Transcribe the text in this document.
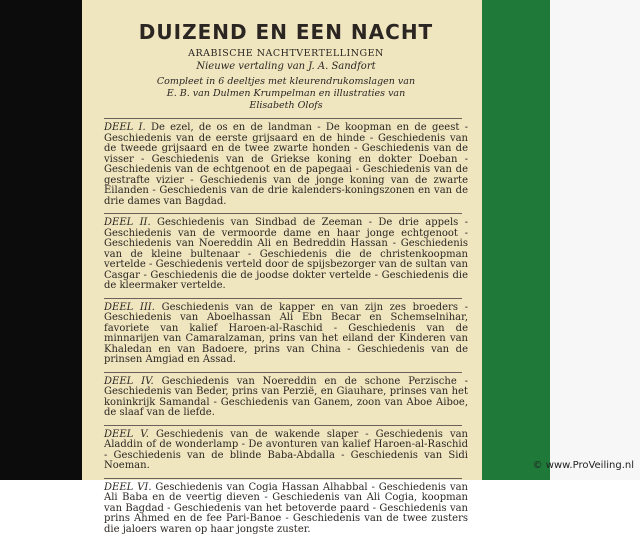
DUIZEND EN EEN NACHT
ARABISCHE NACHTVERTELLINGEN
Nieuwe vertaling van J. A. Sandfort
Compleet in 6 deeltjes met kleurendrukomslagen van
E. B. van Dulmen Krumpelman en illustraties van
Elisabeth Olofs

DEEL I. De ezel, de os en de landman - De koopman en de geest - Geschiedenis van de eerste grijsaard en de hinde - Geschiedenis van de tweede grijsaard en de twee zwarte honden - Geschiedenis van de visser - Geschiedenis van de Griekse koning en dokter Doeban - Geschiedenis van de echtgenoot en de papegaai - Geschiedenis van de gestrafte vizier - Geschiedenis van de jonge koning van de zwarte Eilanden - Geschiedenis van de drie kalenders-koningszonen en van de drie dames van Bagdad.

DEEL II. Geschiedenis van Sindbad de Zeeman - De drie appels - Geschiedenis van de vermoorde dame en haar jonge echtgenoot - Geschiedenis van Noereddin Ali en Bedreddin Hassan - Geschiedenis van de kleine bultenaar - Geschiedenis die de christenkoopman vertelde - Geschiedenis verteld door de spijsbezorger van de sultan van Casgar - Geschiedenis die de joodse dokter vertelde - Geschiedenis die de kleermaker vertelde.

DEEL III. Geschiedenis van de kapper en van zijn zes broeders - Geschiedenis van Aboelhassan Ali Ebn Becar en Schemselnihar, favoriete van kalief Haroen-al-Raschid - Geschiedenis van de minnarijen van Camaralzaman, prins van het eiland der Kinderen van Khaledan en van Badoere, prins van China - Geschiedenis van de prinsen Amgiad en Assad.

DEEL IV. Geschiedenis van Noereddin en de schone Perzische - Geschiedenis van Beder, prins van Perzië, en Giauhare, prinses van het koninkrijk Samandal - Geschiedenis van Ganem, zoon van Aboe Aiboe, de slaaf van de liefde.

DEEL V. Geschiedenis van de wakende slaper - Geschiedenis van Aladdin of de wonderlamp - De avonturen van kalief Haroen-al-Raschid - Geschiedenis van de blinde Baba-Abdalla - Geschiedenis van Sidi Noeman.

DEEL VI. Geschiedenis van Cogia Hassan Alhabbal - Geschiedenis van Ali Baba en de veertig dieven - Geschiedenis van Ali Cogia, koopman van Bagdad - Geschiedenis van het betoverde paard - Geschiedenis van prins Ahmed en de fee Pari-Banoe - Geschiedenis van de twee zusters die jaloers waren op haar jongste zuster.

© www.ProVeiling.nl
